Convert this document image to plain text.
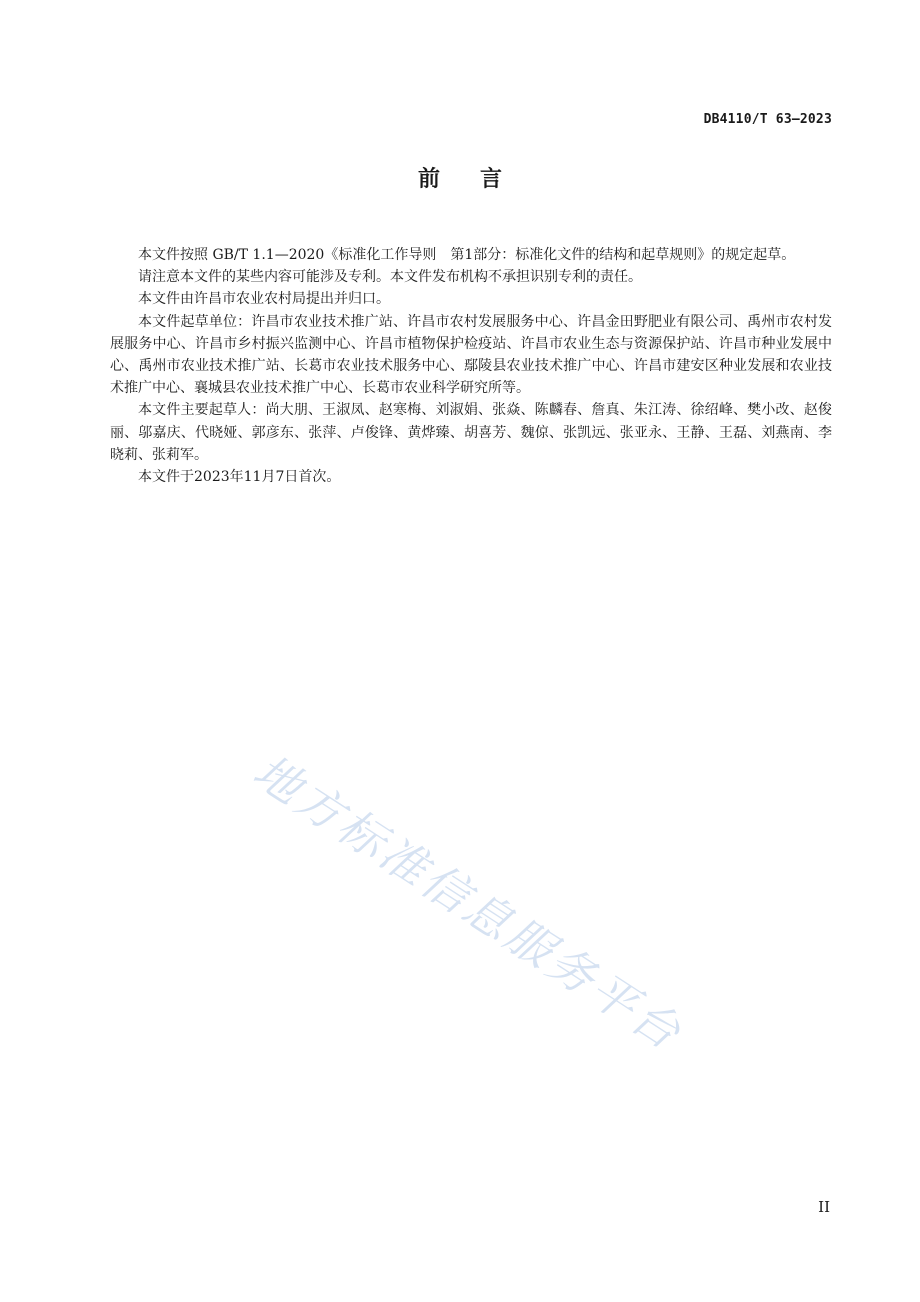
DB4110/T 63—2023
前言

本文件按照 GB/T 1.1—2020《标准化工作导则　第1部分：标准化文件的结构和起草规则》的规定起草。

请注意本文件的某些内容可能涉及专利。本文件发布机构不承担识别专利的责任。

本文件由许昌市农业农村局提出并归口。

本文件起草单位：许昌市农业技术推广站、许昌市农村发展服务中心、许昌金田野肥业有限公司、禹州市农村发展服务中心、许昌市乡村振兴监测中心、许昌市植物保护检疫站、许昌市农业生态与资源保护站、许昌市种业发展中心、禹州市农业技术推广站、长葛市农业技术服务中心、鄢陵县农业技术推广中心、许昌市建安区种业发展和农业技术推广中心、襄城县农业技术推广中心、长葛市农业科学研究所等。

本文件主要起草人：尚大朋、王淑凤、赵寒梅、刘淑娟、张焱、陈麟春、詹真、朱江涛、徐绍峰、樊小改、赵俊丽、邬嘉庆、代晓娅、郭彦东、张萍、卢俊锋、黄烨臻、胡喜芳、魏倞、张凯远、张亚永、王静、王磊、刘燕南、李晓莉、张莉军。

本文件于2023年11月7日首次。

地方标准信息服务平台
II
